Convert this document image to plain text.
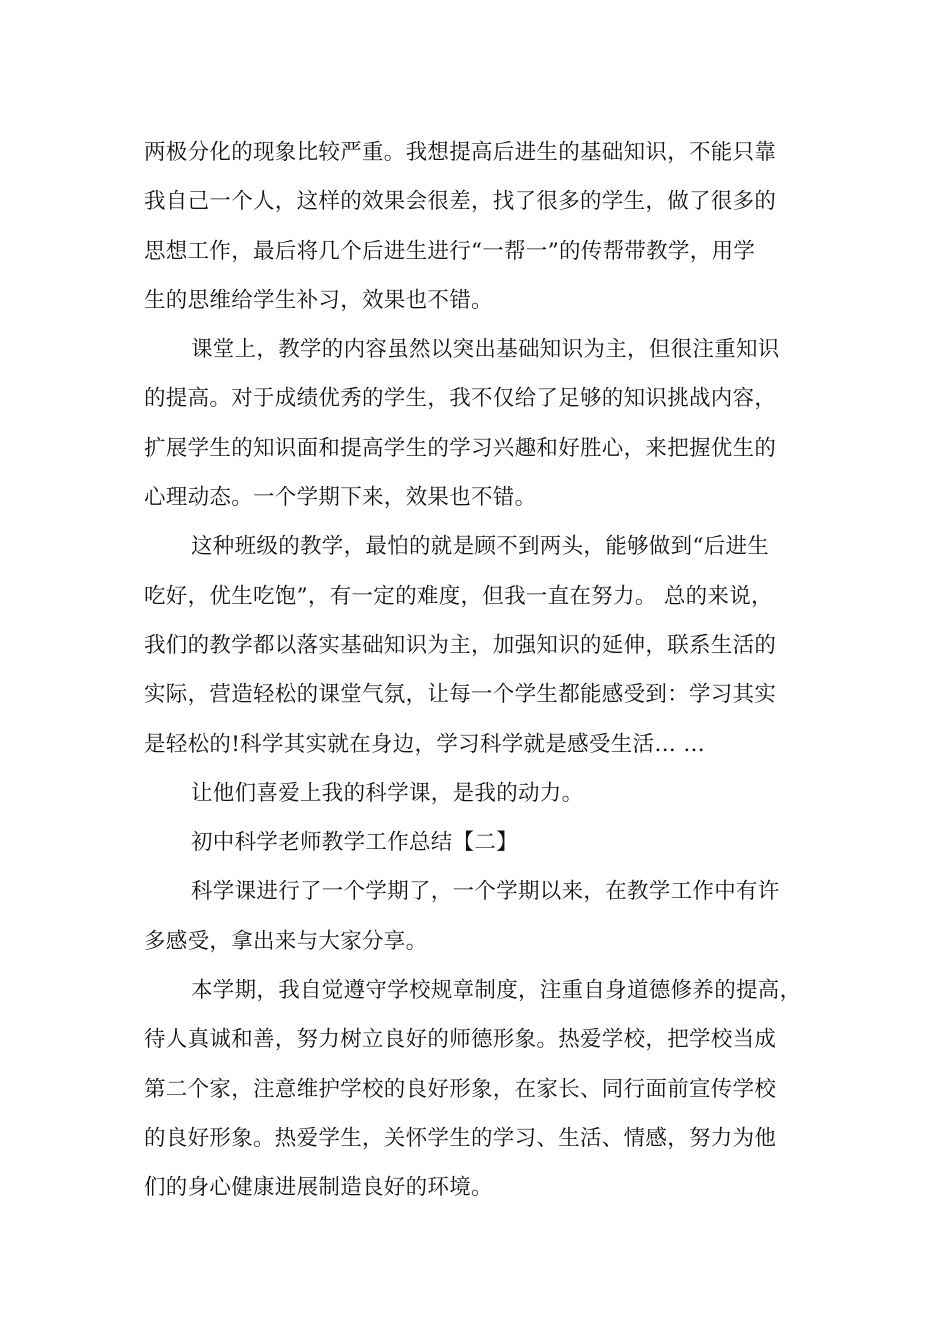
两极分化的现象比较严重。我想提高后进生的基础知识，不能只靠
我自己一个人，这样的效果会很差，找了很多的学生，做了很多的
思想工作，最后将几个后进生进行“一帮一”的传帮带教学，用学
生的思维给学生补习，效果也不错。
课堂上，教学的内容虽然以突出基础知识为主，但很注重知识
的提高。对于成绩优秀的学生，我不仅给了足够的知识挑战内容，
扩展学生的知识面和提高学生的学习兴趣和好胜心，来把握优生的
心理动态。一个学期下来，效果也不错。
这种班级的教学，最怕的就是顾不到两头，能够做到“后进生
吃好，优生吃饱”，有一定的难度，但我一直在努力。 总的来说，
我们的教学都以落实基础知识为主，加强知识的延伸，联系生活的
实际，营造轻松的课堂气氛，让每一个学生都能感受到：学习其实
是轻松的!科学其实就在身边，学习科学就是感受生活… …
让他们喜爱上我的科学课，是我的动力。
初中科学老师教学工作总结【二】
科学课进行了一个学期了，一个学期以来，在教学工作中有许
多感受，拿出来与大家分享。
本学期，我自觉遵守学校规章制度，注重自身道德修养的提高，
待人真诚和善，努力树立良好的师德形象。热爱学校，把学校当成
第二个家，注意维护学校的良好形象，在家长、同行面前宣传学校
的良好形象。热爱学生，关怀学生的学习、生活、情感，努力为他
们的身心健康进展制造良好的环境。
